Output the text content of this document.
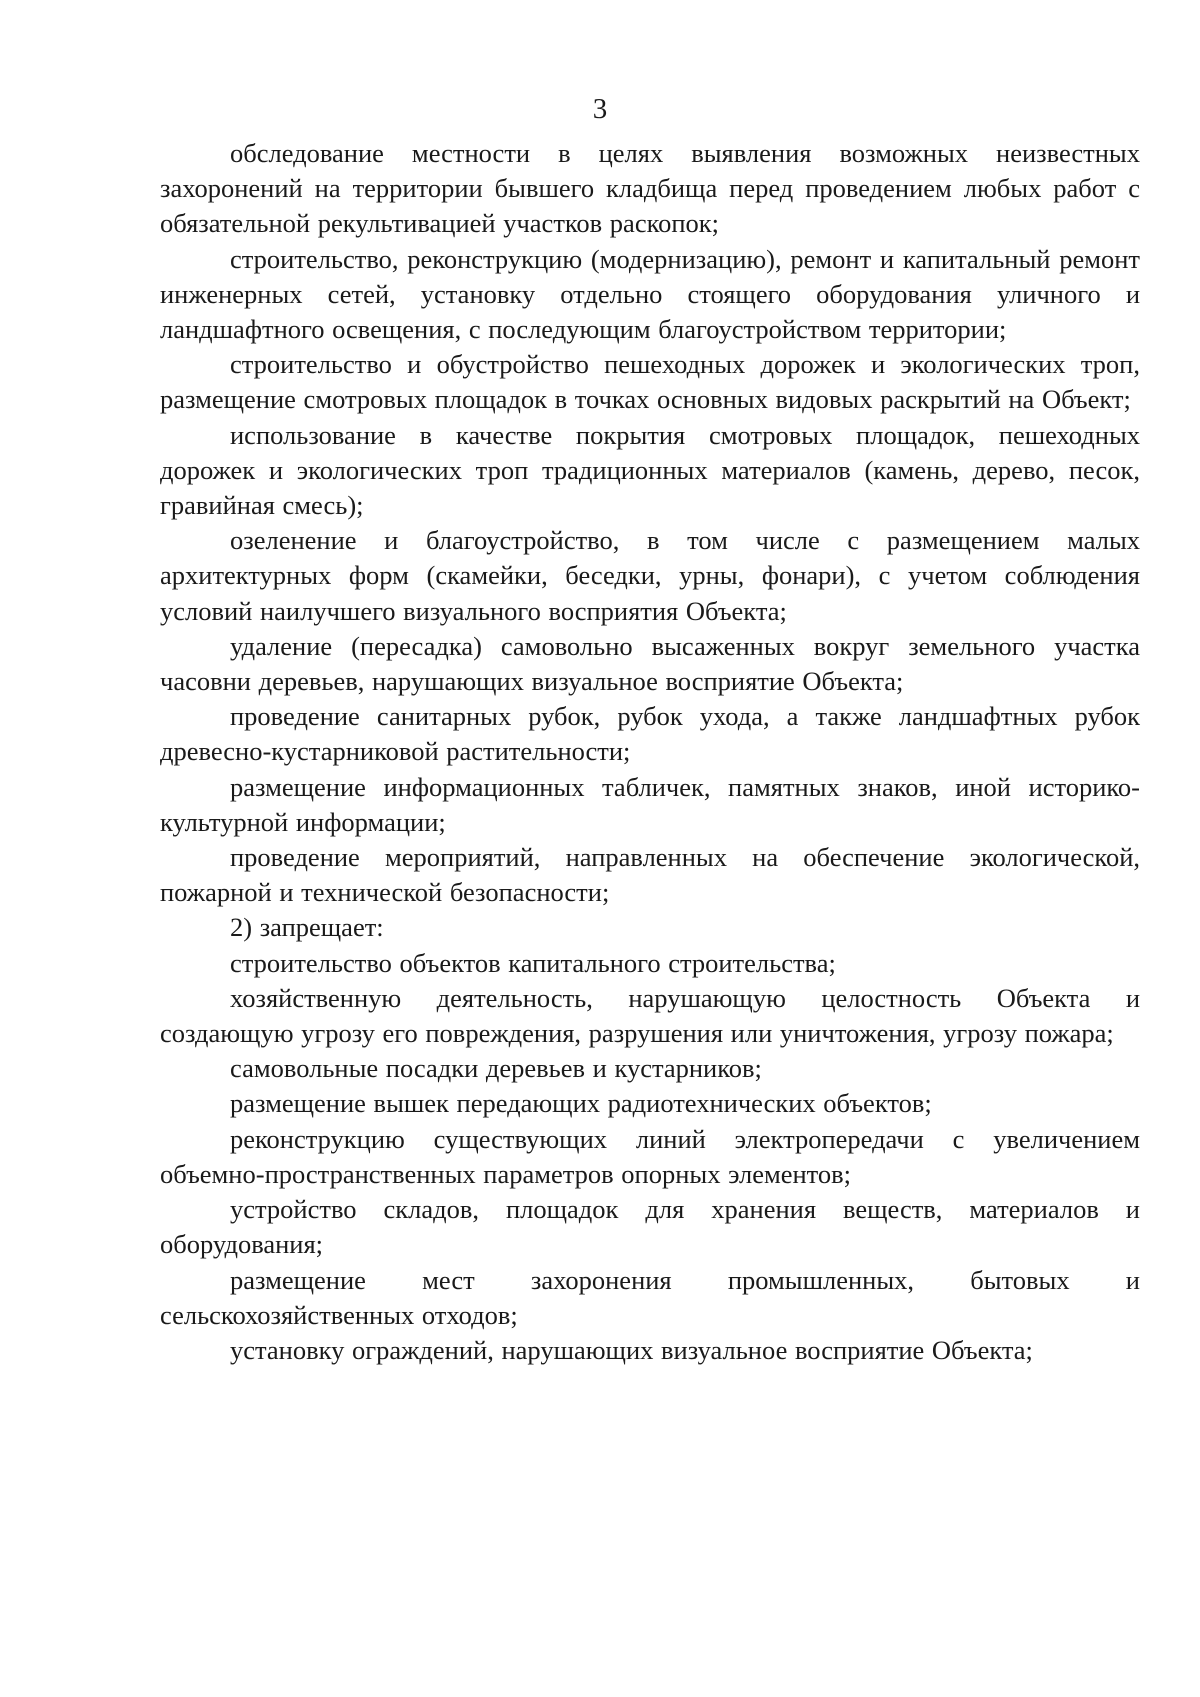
3

обследование местности в целях выявления возможных неизвестных захоронений на территории бывшего кладбища перед проведением любых работ с обязательной рекультивацией участков раскопок;

строительство, реконструкцию (модернизацию), ремонт и капитальный ремонт инженерных сетей, установку отдельно стоящего оборудования уличного и ландшафтного освещения, с последующим благоустройством территории;

строительство и обустройство пешеходных дорожек и экологических троп, размещение смотровых площадок в точках основных видовых раскрытий на Объект;

использование в качестве покрытия смотровых площадок, пешеходных дорожек и экологических троп традиционных материалов (камень, дерево, песок, гравийная смесь);

озеленение и благоустройство, в том числе с размещением малых архитектурных форм (скамейки, беседки, урны, фонари), с учетом соблюдения условий наилучшего визуального восприятия Объекта;

удаление (пересадка) самовольно высаженных вокруг земельного участка часовни деревьев, нарушающих визуальное восприятие Объекта;

проведение санитарных рубок, рубок ухода, а также ландшафтных рубок древесно-кустарниковой растительности;

размещение информационных табличек, памятных знаков, иной историко- культурной информации;

проведение мероприятий, направленных на обеспечение экологической, пожарной и технической безопасности;

2) запрещает:

строительство объектов капитального строительства;

хозяйственную деятельность, нарушающую целостность Объекта и создающую угрозу его повреждения, разрушения или уничтожения, угрозу пожара;

самовольные посадки деревьев и кустарников;

размещение вышек передающих радиотехнических объектов;

реконструкцию существующих линий электропередачи с увеличением объемно-пространственных параметров опорных элементов;

устройство складов, площадок для хранения веществ, материалов и оборудования;

размещение мест захоронения промышленных, бытовых и сельскохозяйственных отходов;

установку ограждений, нарушающих визуальное восприятие Объекта;
